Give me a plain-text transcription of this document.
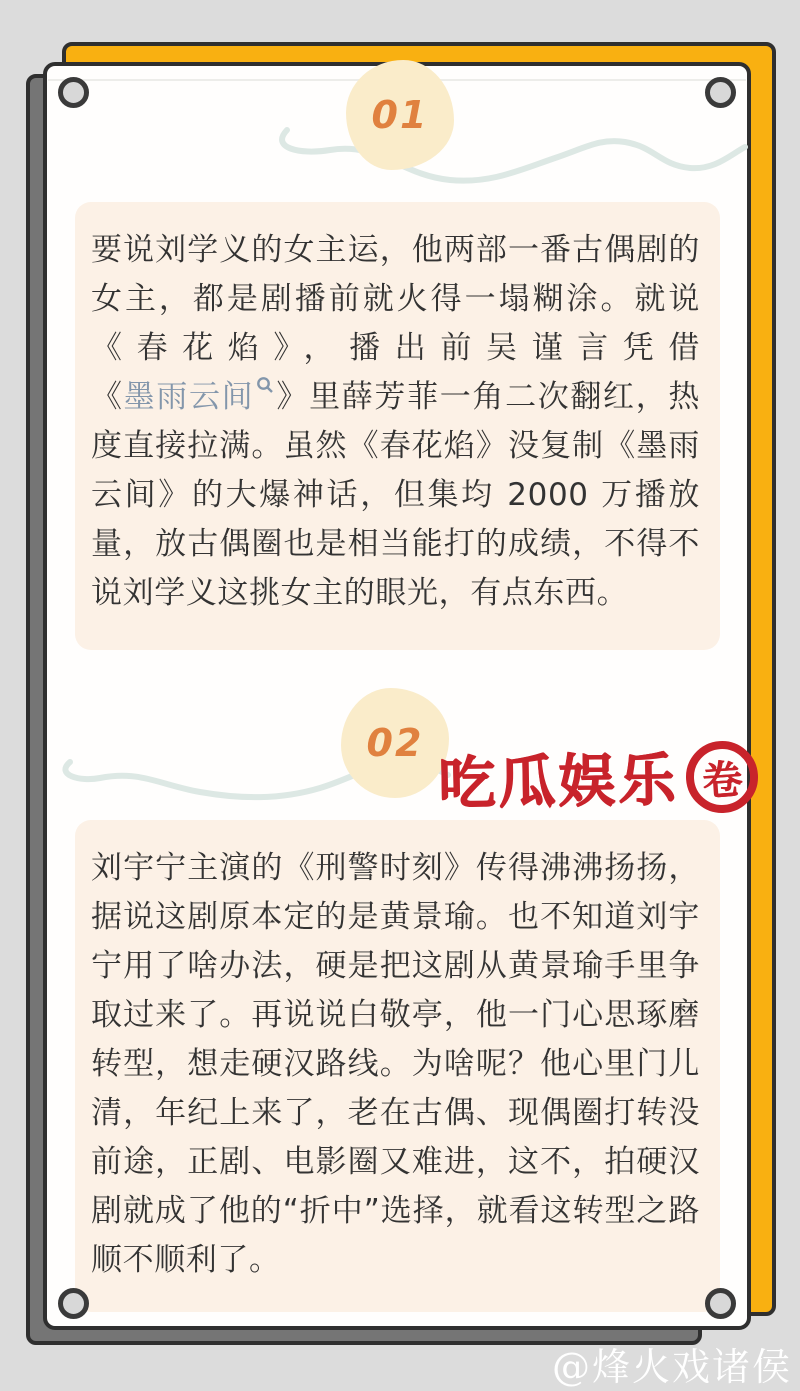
01

要说刘学义的女主运，他两部一番古偶剧的女主，都是剧播前就火得一塌糊涂。就说《春花焰》，播出前吴谨言凭借《墨雨云间 》里薛芳菲一角二次翻红，热度直接拉满。虽然《春花焰》没复制《墨雨云间》的大爆神话，但集均 2000 万播放量，放古偶圈也是相当能打的成绩，不得不说刘学义这挑女主的眼光，有点东西。

02
吃瓜娱乐 卷

刘宇宁主演的《刑警时刻》传得沸沸扬扬，据说这剧原本定的是黄景瑜。也不知道刘宇宁用了啥办法，硬是把这剧从黄景瑜手里争取过来了。再说说白敬亭，他一门心思琢磨转型，想走硬汉路线。为啥呢？他心里门儿清，年纪上来了，老在古偶、现偶圈打转没前途，正剧、电影圈又难进，这不，拍硬汉剧就成了他的“折中”选择，就看这转型之路顺不顺利了。

@烽火戏诸侯
